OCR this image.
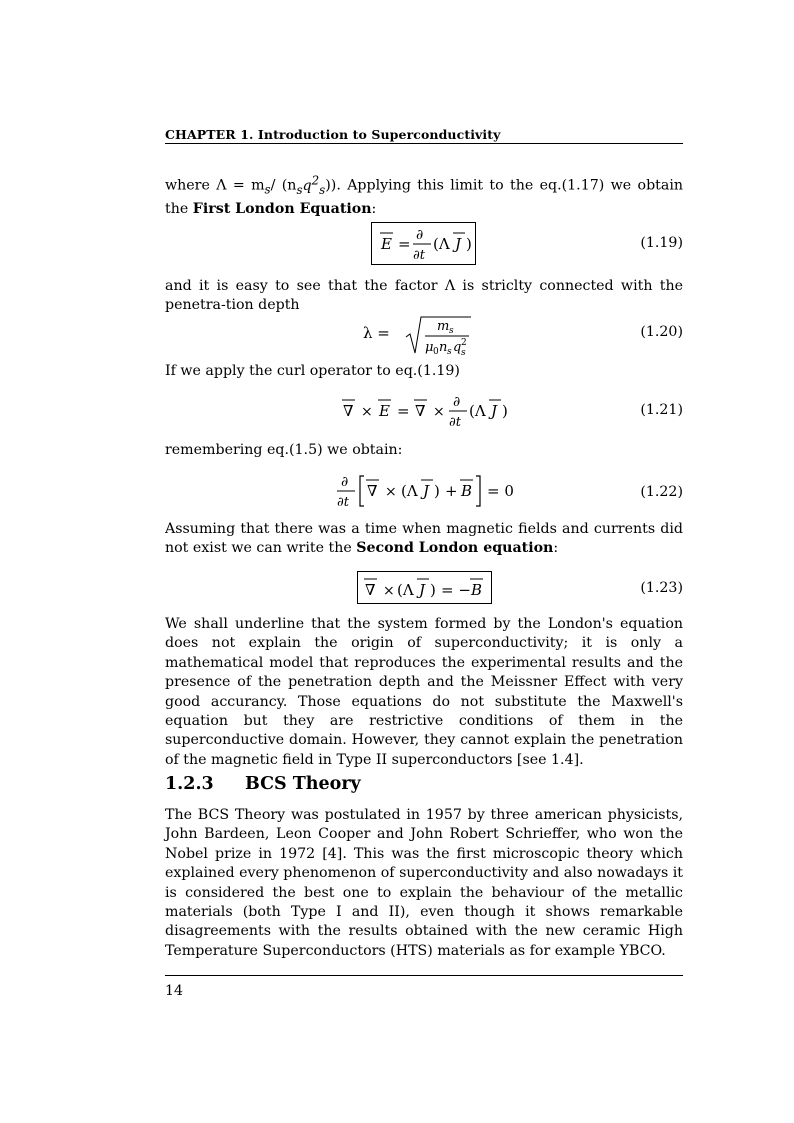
CHAPTER 1. Introduction to Superconductivity
where $\Lambda = m_s/$ $(n_sq^2_s)$). Applying this limit to the eq.(1.17) we obtain the First London Equation:
E = ∂
∂t
(Λ J )	(1.19)
and it is easy to see that the factor Λ is striclty connected with the penetra-tion depth
λ =	m s
μ 0 n s q 2
s
(1.20)
If we apply the curl operator to eq.(1.19)
∇ × E = ∇ ×
∂
∂t
(Λ J )	(1.21)
remembering eq.(1.5) we obtain:
∂
∂t
∇ × (Λ J ) + B = 0	(1.22)
Assuming that there was a time when magnetic fields and currents did not exist we can write the Second London equation:
∇ × (Λ J ) = − B	(1.23)
We shall underline that the system formed by the London's equation does not explain the origin of superconductivity; it is only a mathematical model that reproduces the experimental results and the presence of the penetration depth and the Meissner Effect with very good accurancy. Those equations do not substitute the Maxwell's equation but they are restrictive conditions of them in the superconductive domain. However, they cannot explain the penetration of the magnetic field in Type II superconductors [see 1.4].
1.2.3 BCS Theory
The BCS Theory was postulated in 1957 by three american physicists, John Bardeen, Leon Cooper and John Robert Schrieffer, who won the Nobel prize in 1972 [4]. This was the first microscopic theory which explained every phenomenon of superconductivity and also nowadays it is considered the best one to explain the behaviour of the metallic materials (both Type I and II), even though it shows remarkable disagreements with the results obtained with the new ceramic High Temperature Superconductors (HTS) materials as for example YBCO.
14
